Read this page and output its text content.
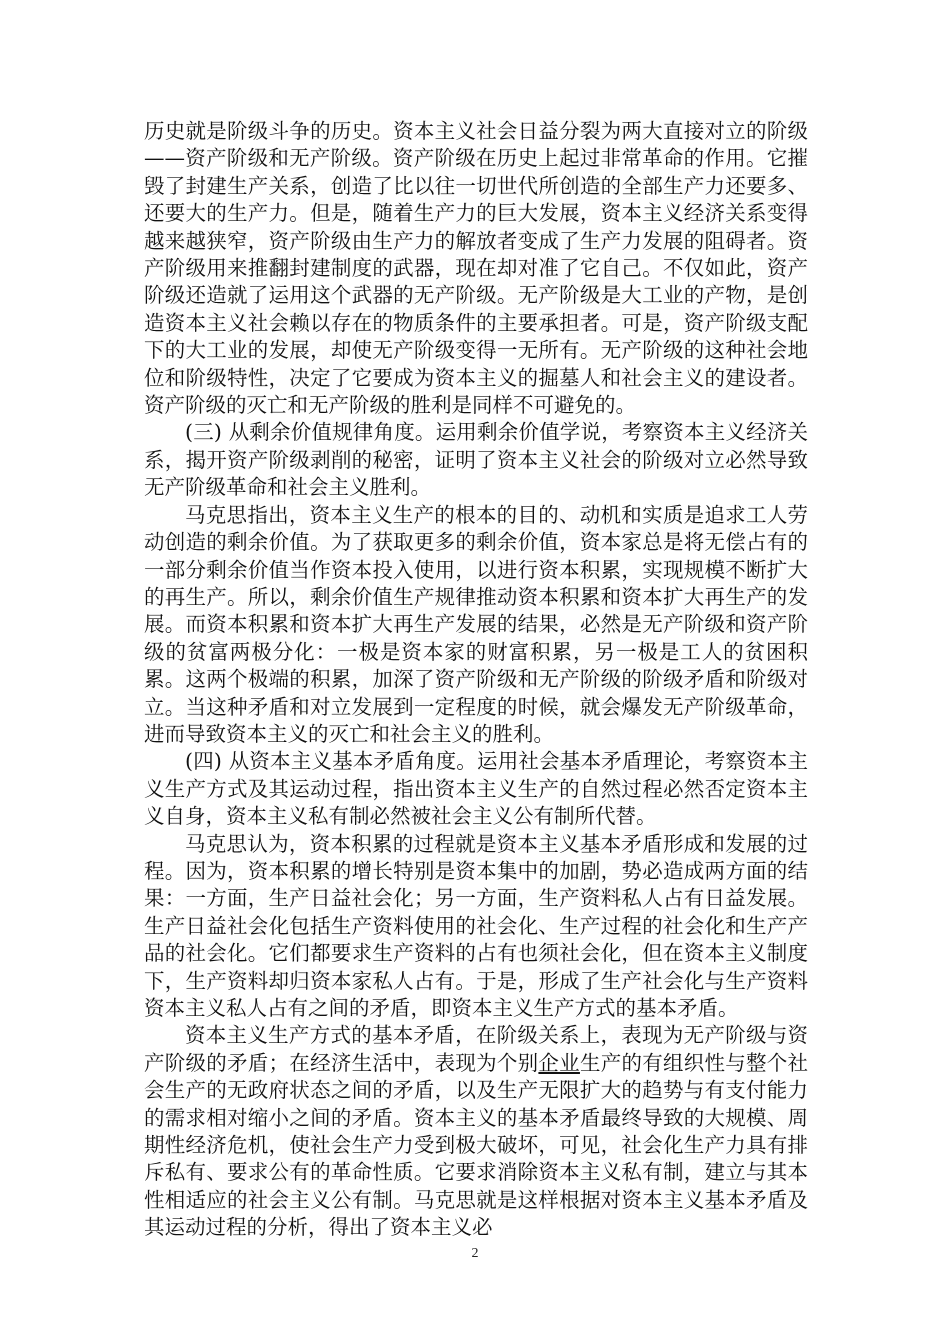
历史就是阶级斗争的历史。资本主义社会日益分裂为两大直接对立的阶级——资产阶级和无产阶级。资产阶级在历史上起过非常革命的作用。它摧毁了封建生产关系，创造了比以往一切世代所创造的全部生产力还要多、还要大的生产力。但是，随着生产力的巨大发展，资本主义经济关系变得越来越狭窄，资产阶级由生产力的解放者变成了生产力发展的阻碍者。资产阶级用来推翻封建制度的武器，现在却对准了它自己。不仅如此，资产阶级还造就了运用这个武器的无产阶级。无产阶级是大工业的产物，是创造资本主义社会赖以存在的物质条件的主要承担者。可是，资产阶级支配下的大工业的发展，却使无产阶级变得一无所有。无产阶级的这种社会地位和阶级特性，决定了它要成为资本主义的掘墓人和社会主义的建设者。资产阶级的灭亡和无产阶级的胜利是同样不可避免的。

(三) 从剩余价值规律角度。运用剩余价值学说，考察资本主义经济关系，揭开资产阶级剥削的秘密，证明了资本主义社会的阶级对立必然导致无产阶级革命和社会主义胜利。

马克思指出，资本主义生产的根本的目的、动机和实质是追求工人劳动创造的剩余价值。为了获取更多的剩余价值，资本家总是将无偿占有的一部分剩余价值当作资本投入使用，以进行资本积累，实现规模不断扩大的再生产。所以，剩余价值生产规律推动资本积累和资本扩大再生产的发展。而资本积累和资本扩大再生产发展的结果，必然是无产阶级和资产阶级的贫富两极分化：一极是资本家的财富积累，另一极是工人的贫困积累。这两个极端的积累，加深了资产阶级和无产阶级的阶级矛盾和阶级对立。当这种矛盾和对立发展到一定程度的时候，就会爆发无产阶级革命，进而导致资本主义的灭亡和社会主义的胜利。

(四) 从资本主义基本矛盾角度。运用社会基本矛盾理论，考察资本主义生产方式及其运动过程，指出资本主义生产的自然过程必然否定资本主义自身，资本主义私有制必然被社会主义公有制所代替。

马克思认为，资本积累的过程就是资本主义基本矛盾形成和发展的过程。因为，资本积累的增长特别是资本集中的加剧，势必造成两方面的结果：一方面，生产日益社会化；另一方面，生产资料私人占有日益发展。生产日益社会化包括生产资料使用的社会化、生产过程的社会化和生产产品的社会化。它们都要求生产资料的占有也须社会化，但在资本主义制度下，生产资料却归资本家私人占有。于是，形成了生产社会化与生产资料资本主义私人占有之间的矛盾，即资本主义生产方式的基本矛盾。

资本主义生产方式的基本矛盾，在阶级关系上，表现为无产阶级与资产阶级的矛盾；在经济生活中，表现为个别企业生产的有组织性与整个社会生产的无政府状态之间的矛盾，以及生产无限扩大的趋势与有支付能力的需求相对缩小之间的矛盾。资本主义的基本矛盾最终导致的大规模、周期性经济危机，使社会生产力受到极大破坏，可见，社会化生产力具有排斥私有、要求公有的革命性质。它要求消除资本主义私有制，建立与其本性相适应的社会主义公有制。马克思就是这样根据对资本主义基本矛盾及其运动过程的分析，得出了资本主义必

2
